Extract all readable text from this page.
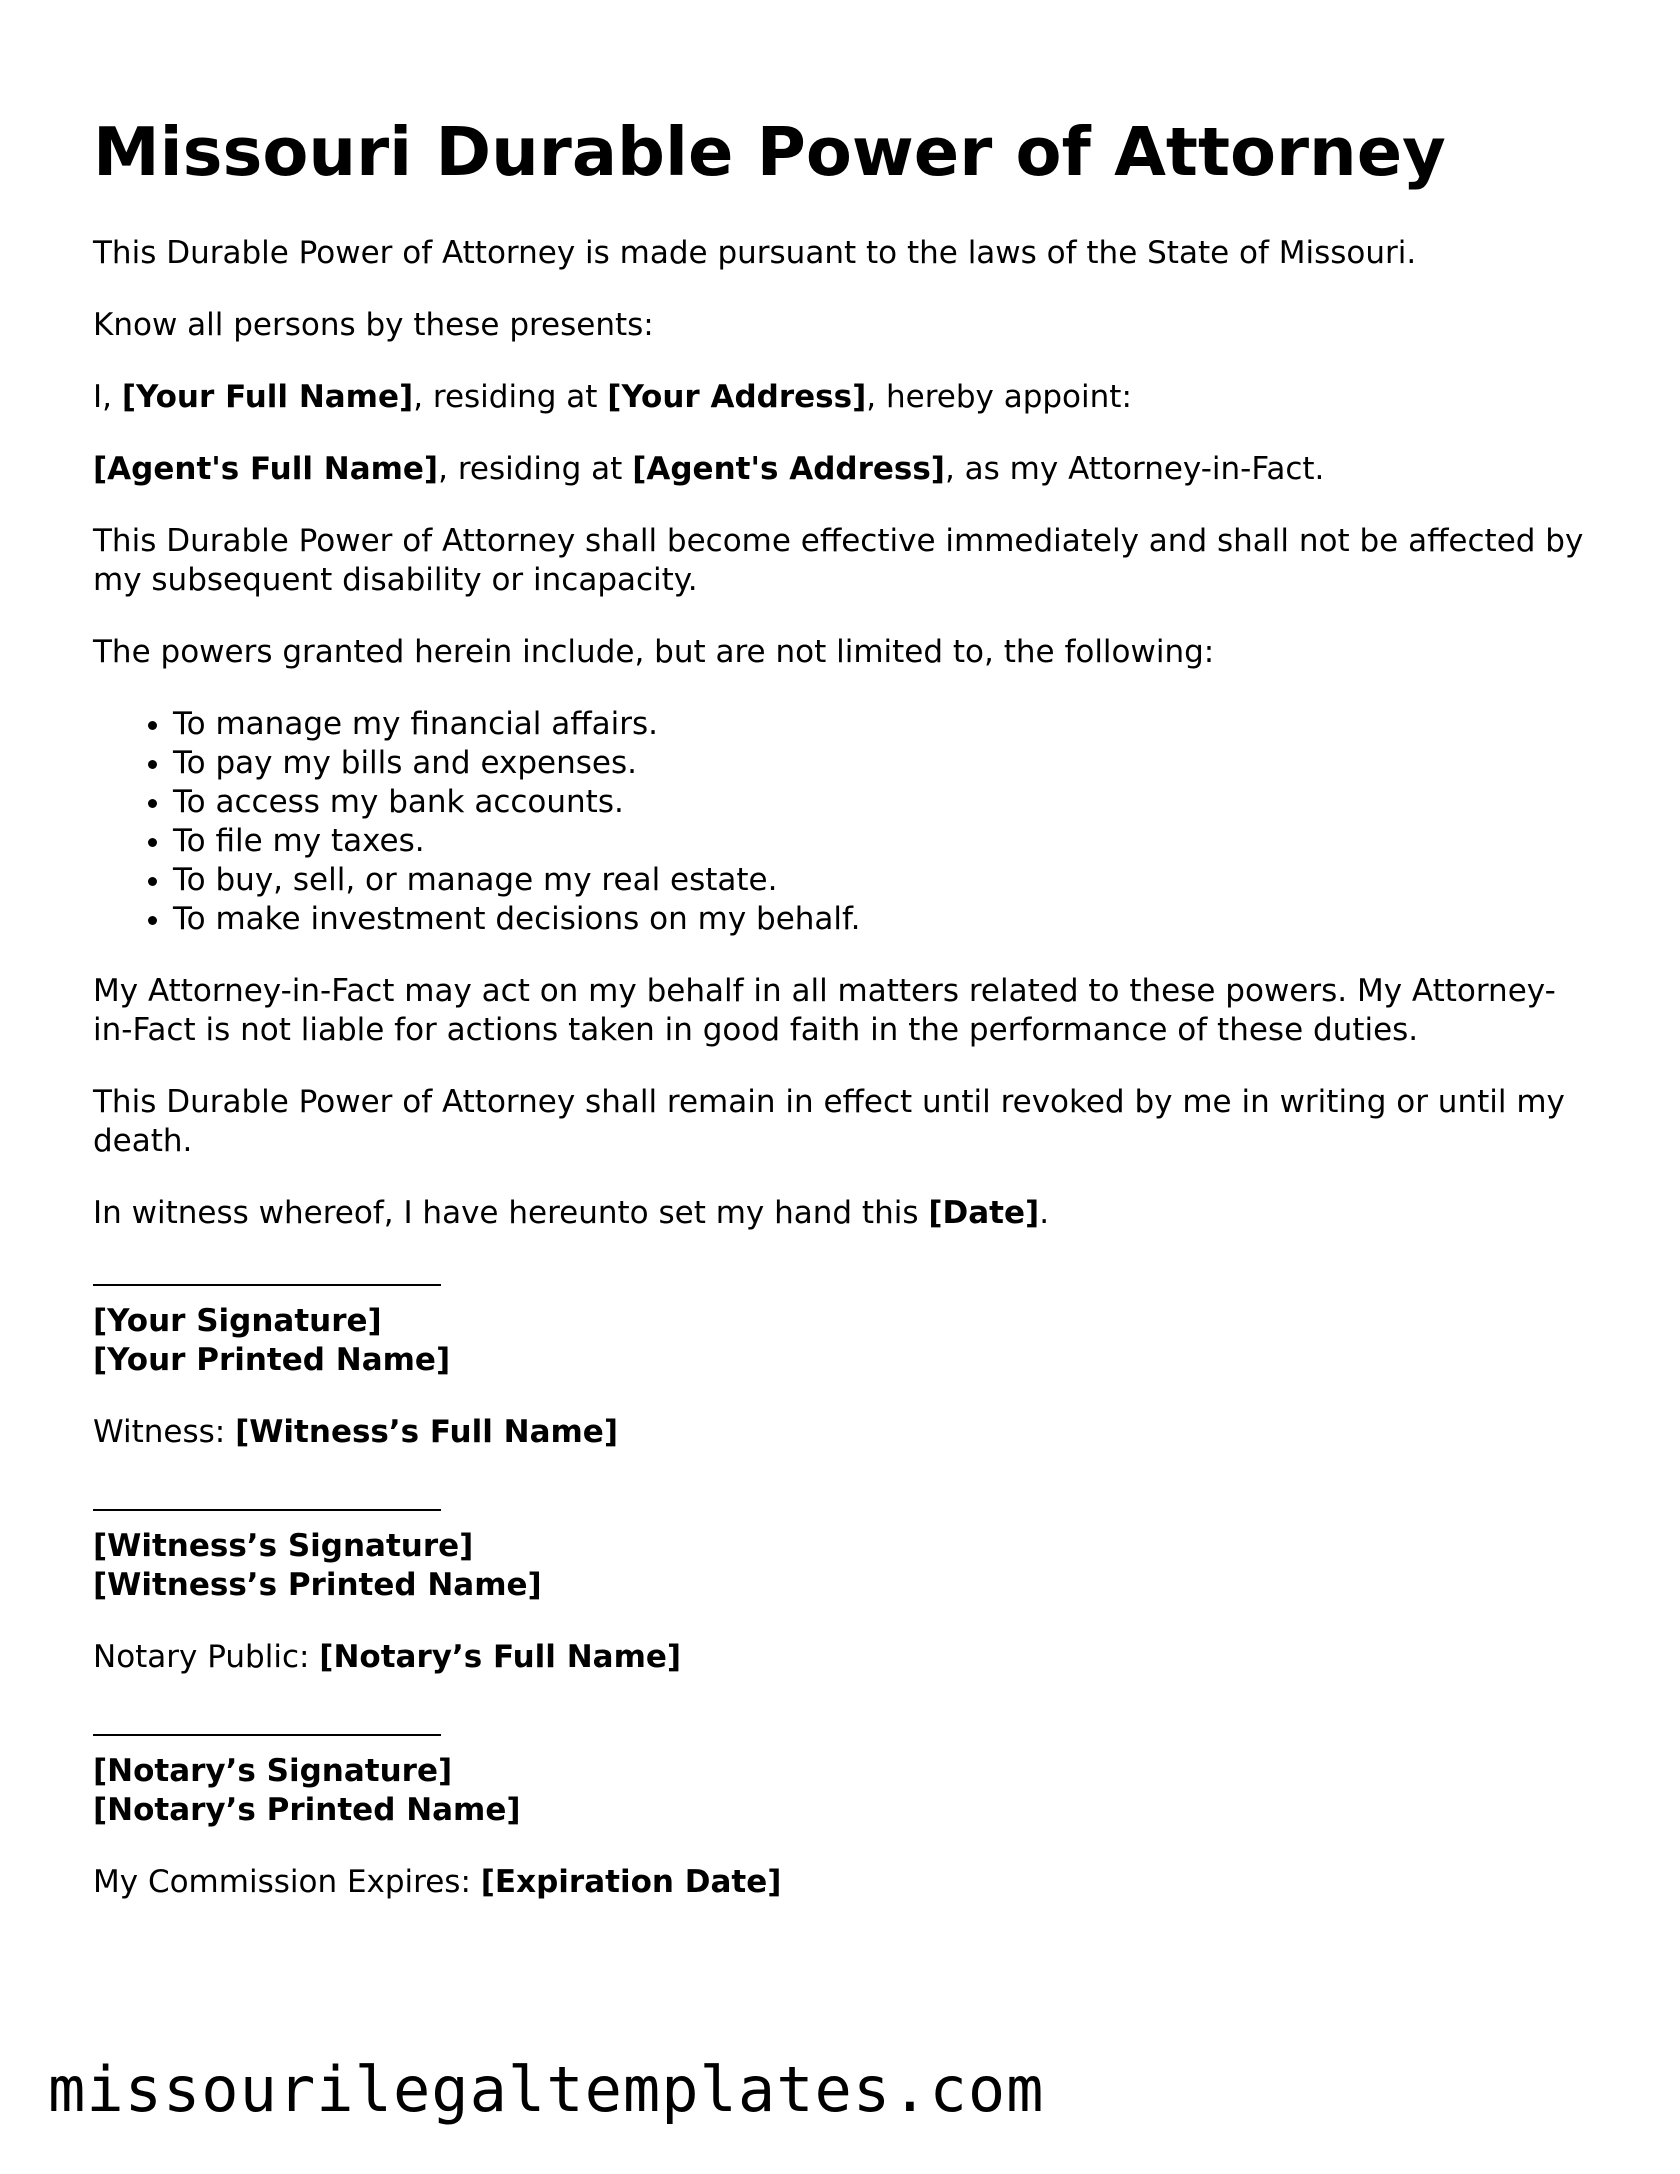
Missouri Durable Power of Attorney

This Durable Power of Attorney is made pursuant to the laws of the State of Missouri.

Know all persons by these presents:

I, [Your Full Name], residing at [Your Address], hereby appoint:

[Agent's Full Name], residing at [Agent's Address], as my Attorney-in-Fact.

This Durable Power of Attorney shall become effective immediately and shall not be affected by my subsequent disability or incapacity.

The powers granted herein include, but are not limited to, the following:

• To manage my financial affairs.
• To pay my bills and expenses.
• To access my bank accounts.
• To file my taxes.
• To buy, sell, or manage my real estate.
• To make investment decisions on my behalf.

My Attorney-in-Fact may act on my behalf in all matters related to these powers. My Attorney-in-Fact is not liable for actions taken in good faith in the performance of these duties.

This Durable Power of Attorney shall remain in effect until revoked by me in writing or until my death.

In witness whereof, I have hereunto set my hand this [Date].

[Your Signature]
[Your Printed Name]

Witness: [Witness’s Full Name]

[Witness’s Signature]
[Witness’s Printed Name]

Notary Public: [Notary’s Full Name]

[Notary’s Signature]
[Notary’s Printed Name]

My Commission Expires: [Expiration Date]

missourilegaltemplates.com
